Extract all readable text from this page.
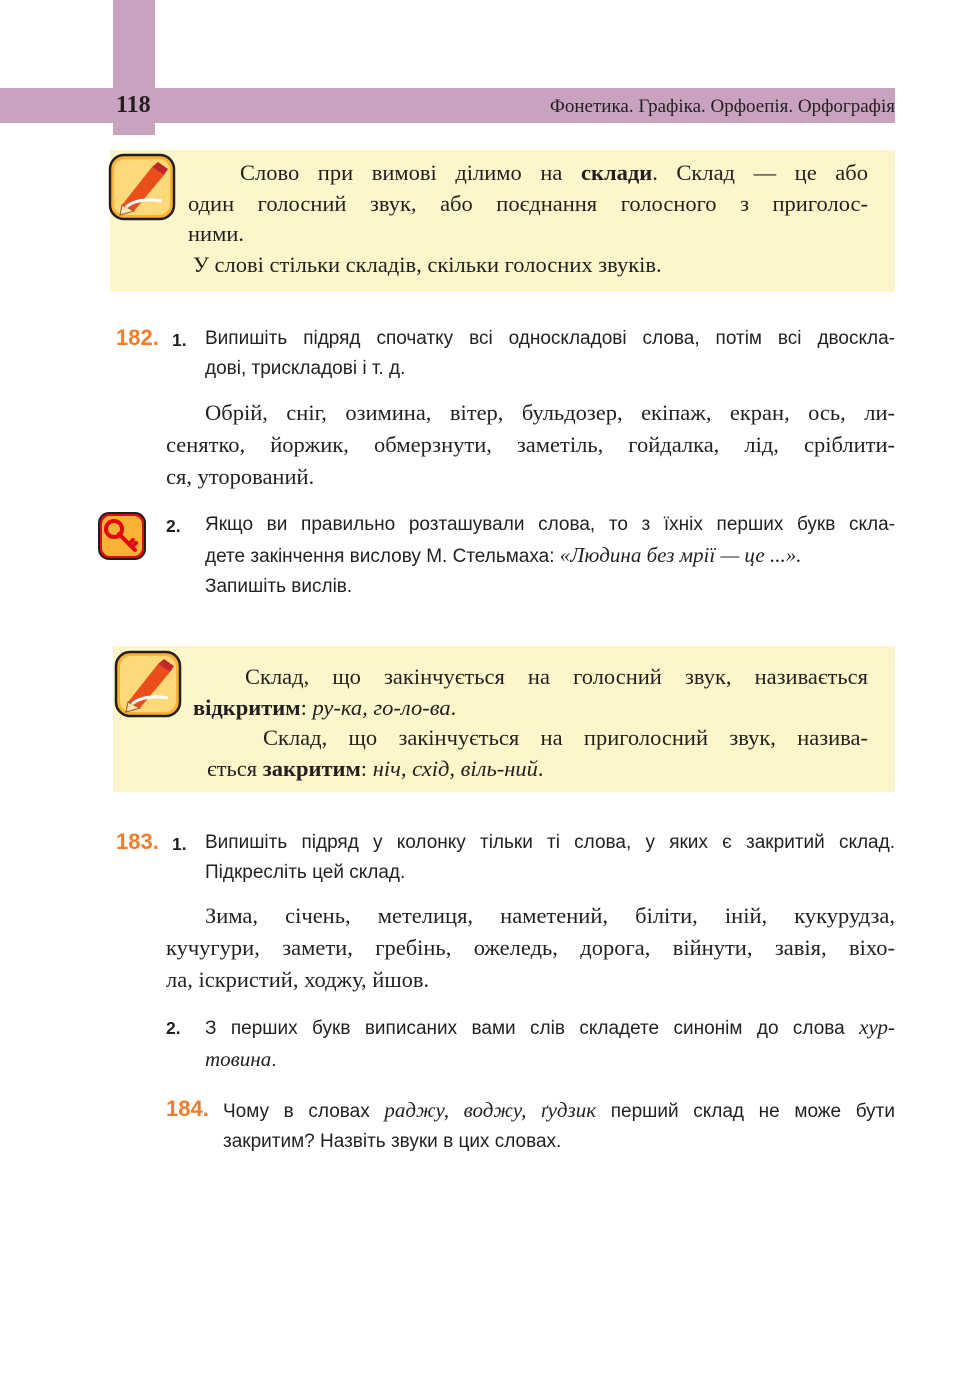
118	Фонетика. Графіка. Орфоепія. Орфографія
Слово при вимові ділимо на склади. Склад — це або
один голосний звук, або поєднання голосного з приголос-
ними.
У слові стільки складів, скільки голосних звуків.
182. 1. Випишіть підряд спочатку всі односкладові слова, потім всі двоскла-
дові, трискладові і т. д.
Обрій, сніг, озимина, вітер, бульдозер, екіпаж, екран, ось, ли-
сенятко, йоржик, обмерзнути, заметіль, гойдалка, лід, сріблити-
ся, уторований.
2. Якщо ви правильно розташували слова, то з їхніх перших букв скла-
дете закінчення вислову М. Стельмаха: «Людина без мрії — це ...».
Запишіть вислів.
Склад, що закінчується на голосний звук, називається
відкритим: ру-ка, го-ло-ва.
Склад, що закінчується на приголосний звук, назива-
ється закритим: ніч, схід, віль-ний.
183. 1. Випишіть підряд у колонку тільки ті слова, у яких є закритий склад.
Підкресліть цей склад.
Зима, січень, метелиця, наметений, біліти, іній, кукурудза,
кучугури, замети, гребінь, ожеледь, дорога, війнути, завія, віхо-
ла, іскристий, ходжу, йшов.
2. З перших букв виписаних вами слів складете синонім до слова хур-
товина.
184. Чому в словах раджу, воджу, ґудзик перший склад не може бути
закритим? Назвіть звуки в цих словах.
